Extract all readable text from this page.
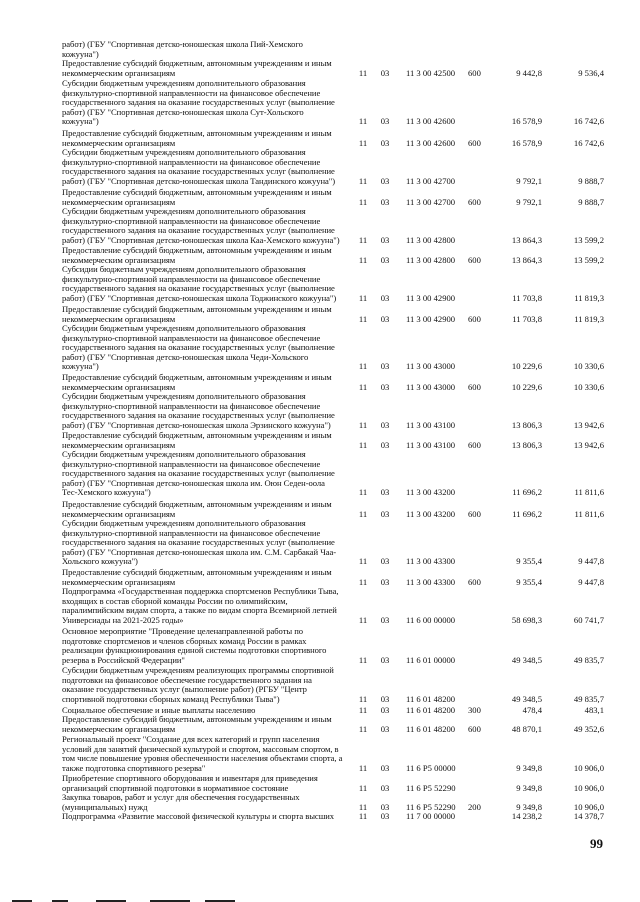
работ) (ГБУ "Спортивная детско-юношеская школа Пий-Хемского
кожууна")
Предоставление субсидий бюджетным, автономным учреждениям и иным
некоммерческим организациям	11	03	11 3 00 42500	600	9 442,8	9 536,4
Субсидии бюджетным учреждениям дополнительного образования
физкультурно-спортивной направленности на финансовое обеспечение
государственного задания на оказание государственных услуг (выполнение
работ) (ГБУ "Спортивная детско-юношеская школа Сут-Хольского
кожууна")	11	03	11 3 00 42600	16 578,9	16 742,6
Предоставление субсидий бюджетным, автономным учреждениям и иным
некоммерческим организациям	11	03	11 3 00 42600	600	16 578,9	16 742,6
Субсидии бюджетным учреждениям дополнительного образования
физкультурно-спортивной направленности на финансовое обеспечение
государственного задания на оказание государственных услуг (выполнение
работ) (ГБУ "Спортивная детско-юношеская школа Тандинского кожууна")	11	03	11 3 00 42700	9 792,1	9 888,7
Предоставление субсидий бюджетным, автономным учреждениям и иным
некоммерческим организациям	11	03	11 3 00 42700	600	9 792,1	9 888,7
Субсидии бюджетным учреждениям дополнительного образования
физкультурно-спортивной направленности на финансовое обеспечение
государственного задания на оказание государственных услуг (выполнение
работ) (ГБУ "Спортивная детско-юношеская школа Каа-Хемского кожууна")	11	03	11 3 00 42800	13 864,3	13 599,2
Предоставление субсидий бюджетным, автономным учреждениям и иным
некоммерческим организациям	11	03	11 3 00 42800	600	13 864,3	13 599,2
Субсидии бюджетным учреждениям дополнительного образования
физкультурно-спортивной направленности на финансовое обеспечение
государственного задания на оказание государственных услуг (выполнение
работ) (ГБУ "Спортивная детско-юношеская школа Тоджинского кожууна")	11	03	11 3 00 42900	11 703,8	11 819,3
Предоставление субсидий бюджетным, автономным учреждениям и иным
некоммерческим организациям	11	03	11 3 00 42900	600	11 703,8	11 819,3
Субсидии бюджетным учреждениям дополнительного образования
физкультурно-спортивной направленности на финансовое обеспечение
государственного задания на оказание государственных услуг (выполнение
работ) (ГБУ "Спортивная детско-юношеская школа Чеди-Хольского
кожууна")	11	03	11 3 00 43000	10 229,6	10 330,6
Предоставление субсидий бюджетным, автономным учреждениям и иным
некоммерческим организациям	11	03	11 3 00 43000	600	10 229,6	10 330,6
Субсидии бюджетным учреждениям дополнительного образования
физкультурно-спортивной направленности на финансовое обеспечение
государственного задания на оказание государственных услуг (выполнение
работ) (ГБУ "Спортивная детско-юношеская школа Эрзинского кожууна")	11	03	11 3 00 43100	13 806,3	13 942,6
Предоставление субсидий бюджетным, автономным учреждениям и иным
некоммерческим организациям	11	03	11 3 00 43100	600	13 806,3	13 942,6
Субсидии бюджетным учреждениям дополнительного образования
физкультурно-спортивной направленности на финансовое обеспечение
государственного задания на оказание государственных услуг (выполнение
работ) (ГБУ "Спортивная детско-юношеская школа им. Оюн Седен-оола
Тес-Хемского кожууна")	11	03	11 3 00 43200	11 696,2	11 811,6
Предоставление субсидий бюджетным, автономным учреждениям и иным
некоммерческим организациям	11	03	11 3 00 43200	600	11 696,2	11 811,6
Субсидии бюджетным учреждениям дополнительного образования
физкультурно-спортивной направленности на финансовое обеспечение
государственного задания на оказание государственных услуг (выполнение
работ) (ГБУ "Спортивная детско-юношеская школа им. С.М. Сарбакай Чаа-
Хольского кожууна")	11	03	11 3 00 43300	9 355,4	9 447,8
Предоставление субсидий бюджетным, автономным учреждениям и иным
некоммерческим организациям	11	03	11 3 00 43300	600	9 355,4	9 447,8
Подпрограмма «Государственная поддержка спортсменов Республики Тыва,
входящих в состав сборной команды России по олимпийским,
паралимпийским видам спорта, а также по видам спорта Всемирной летней
Универсиады на 2021-2025 годы»	11	03	11 6 00 00000	58 698,3	60 741,7
Основное мероприятие "Проведение целенаправленной работы по
подготовке спортсменов и членов сборных команд России в рамках
реализации функционирования единой системы подготовки спортивного
резерва в Российской Федерации"	11	03	11 6 01 00000	49 348,5	49 835,7
Субсидии бюджетным учреждениям реализующих программы спортивной
подготовки на финансовое обеспечение государственного задания на
оказание государственных услуг (выполнение работ) (РГБУ "Центр
спортивной подготовки сборных команд Республики Тыва")	11	03	11 6 01 48200	49 348,5	49 835,7
Социальное обеспечение и иные выплаты населению	11	03	11 6 01 48200	300	478,4	483,1
Предоставление субсидий бюджетным, автономным учреждениям и иным
некоммерческим организациям	11	03	11 6 01 48200	600	48 870,1	49 352,6
Региональный проект "Создание для всех категорий и групп населения
условий для занятий физической культурой и спортом, массовым спортом, в
том числе повышение уровня обеспеченности населения объектами спорта, а
также подготовка спортивного резерва"	11	03	11 6 P5 00000	9 349,8	10 906,0
Приобретение спортивного оборудования и инвентаря для приведения
организаций спортивной подготовки в нормативное состояние	11	03	11 6 P5 52290	9 349,8	10 906,0
Закупка товаров, работ и услуг для обеспечения государственных
(муниципальных) нужд	11	03	11 6 P5 52290	200	9 349,8	10 906,0
Подпрограмма «Развитие массовой физической культуры и спорта высших	11	03	11 7 00 00000	14 238,2	14 378,7
99
